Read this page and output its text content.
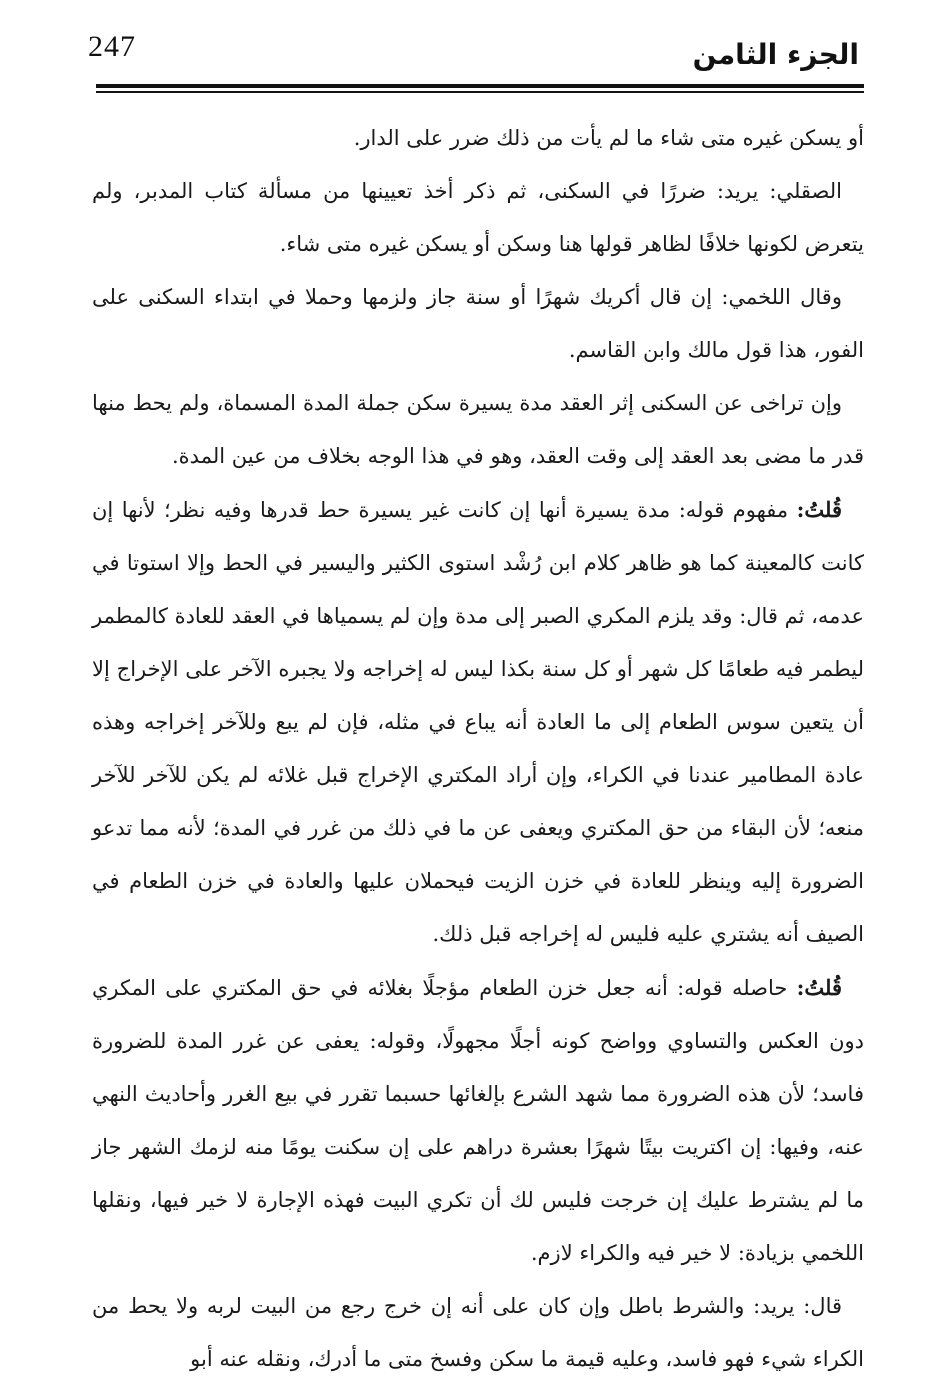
247	الجزء الثامن

أو يسكن غيره متى شاء ما لم يأت من ذلك ضرر على الدار.

الصقلي: يريد: ضررًا في السكنى، ثم ذكر أخذ تعيينها من مسألة كتاب المدبر، ولم يتعرض لكونها خلافًا لظاهر قولها هنا وسكن أو يسكن غيره متى شاء.

وقال اللخمي: إن قال أكريك شهرًا أو سنة جاز ولزمها وحملا في ابتداء السكنى على الفور، هذا قول مالك وابن القاسم.

وإن تراخى عن السكنى إثر العقد مدة يسيرة سكن جملة المدة المسماة، ولم يحط منها قدر ما مضى بعد العقد إلى وقت العقد، وهو في هذا الوجه بخلاف من عين المدة.

قُلتُ: مفهوم قوله: مدة يسيرة أنها إن كانت غير يسيرة حط قدرها وفيه نظر؛ لأنها إن كانت كالمعينة كما هو ظاهر كلام ابن رُشْد استوى الكثير واليسير في الحط وإلا استوتا في عدمه، ثم قال: وقد يلزم المكري الصبر إلى مدة وإن لم يسمياها في العقد للعادة كالمطمر ليطمر فيه طعامًا كل شهر أو كل سنة بكذا ليس له إخراجه ولا يجبره الآخر على الإخراج إلا أن يتعين سوس الطعام إلى ما العادة أنه يباع في مثله، فإن لم يبع وللآخر إخراجه وهذه عادة المطامير عندنا في الكراء، وإن أراد المكتري الإخراج قبل غلائه لم يكن للآخر للآخر منعه؛ لأن البقاء من حق المكتري ويعفى عن ما في ذلك من غرر في المدة؛ لأنه مما تدعو الضرورة إليه وينظر للعادة في خزن الزيت فيحملان عليها والعادة في خزن الطعام في الصيف أنه يشتري عليه فليس له إخراجه قبل ذلك.

قُلتُ: حاصله قوله: أنه جعل خزن الطعام مؤجلًا بغلائه في حق المكتري على المكري دون العكس والتساوي وواضح كونه أجلًا مجهولًا، وقوله: يعفى عن غرر المدة للضرورة فاسد؛ لأن هذه الضرورة مما شهد الشرع بإلغائها حسبما تقرر في بيع الغرر وأحاديث النهي عنه، وفيها: إن اكتريت بيتًا شهرًا بعشرة دراهم على إن سكنت يومًا منه لزمك الشهر جاز ما لم يشترط عليك إن خرجت فليس لك أن تكري البيت فهذه الإجارة لا خير فيها، ونقلها اللخمي بزيادة: لا خير فيه والكراء لازم.

قال: يريد: والشرط باطل وإن كان على أنه إن خرج رجع من البيت لربه ولا يحط من الكراء شيء فهو فاسد، وعليه قيمة ما سكن وفسخ متى ما أدرك، ونقله عنه أبو
